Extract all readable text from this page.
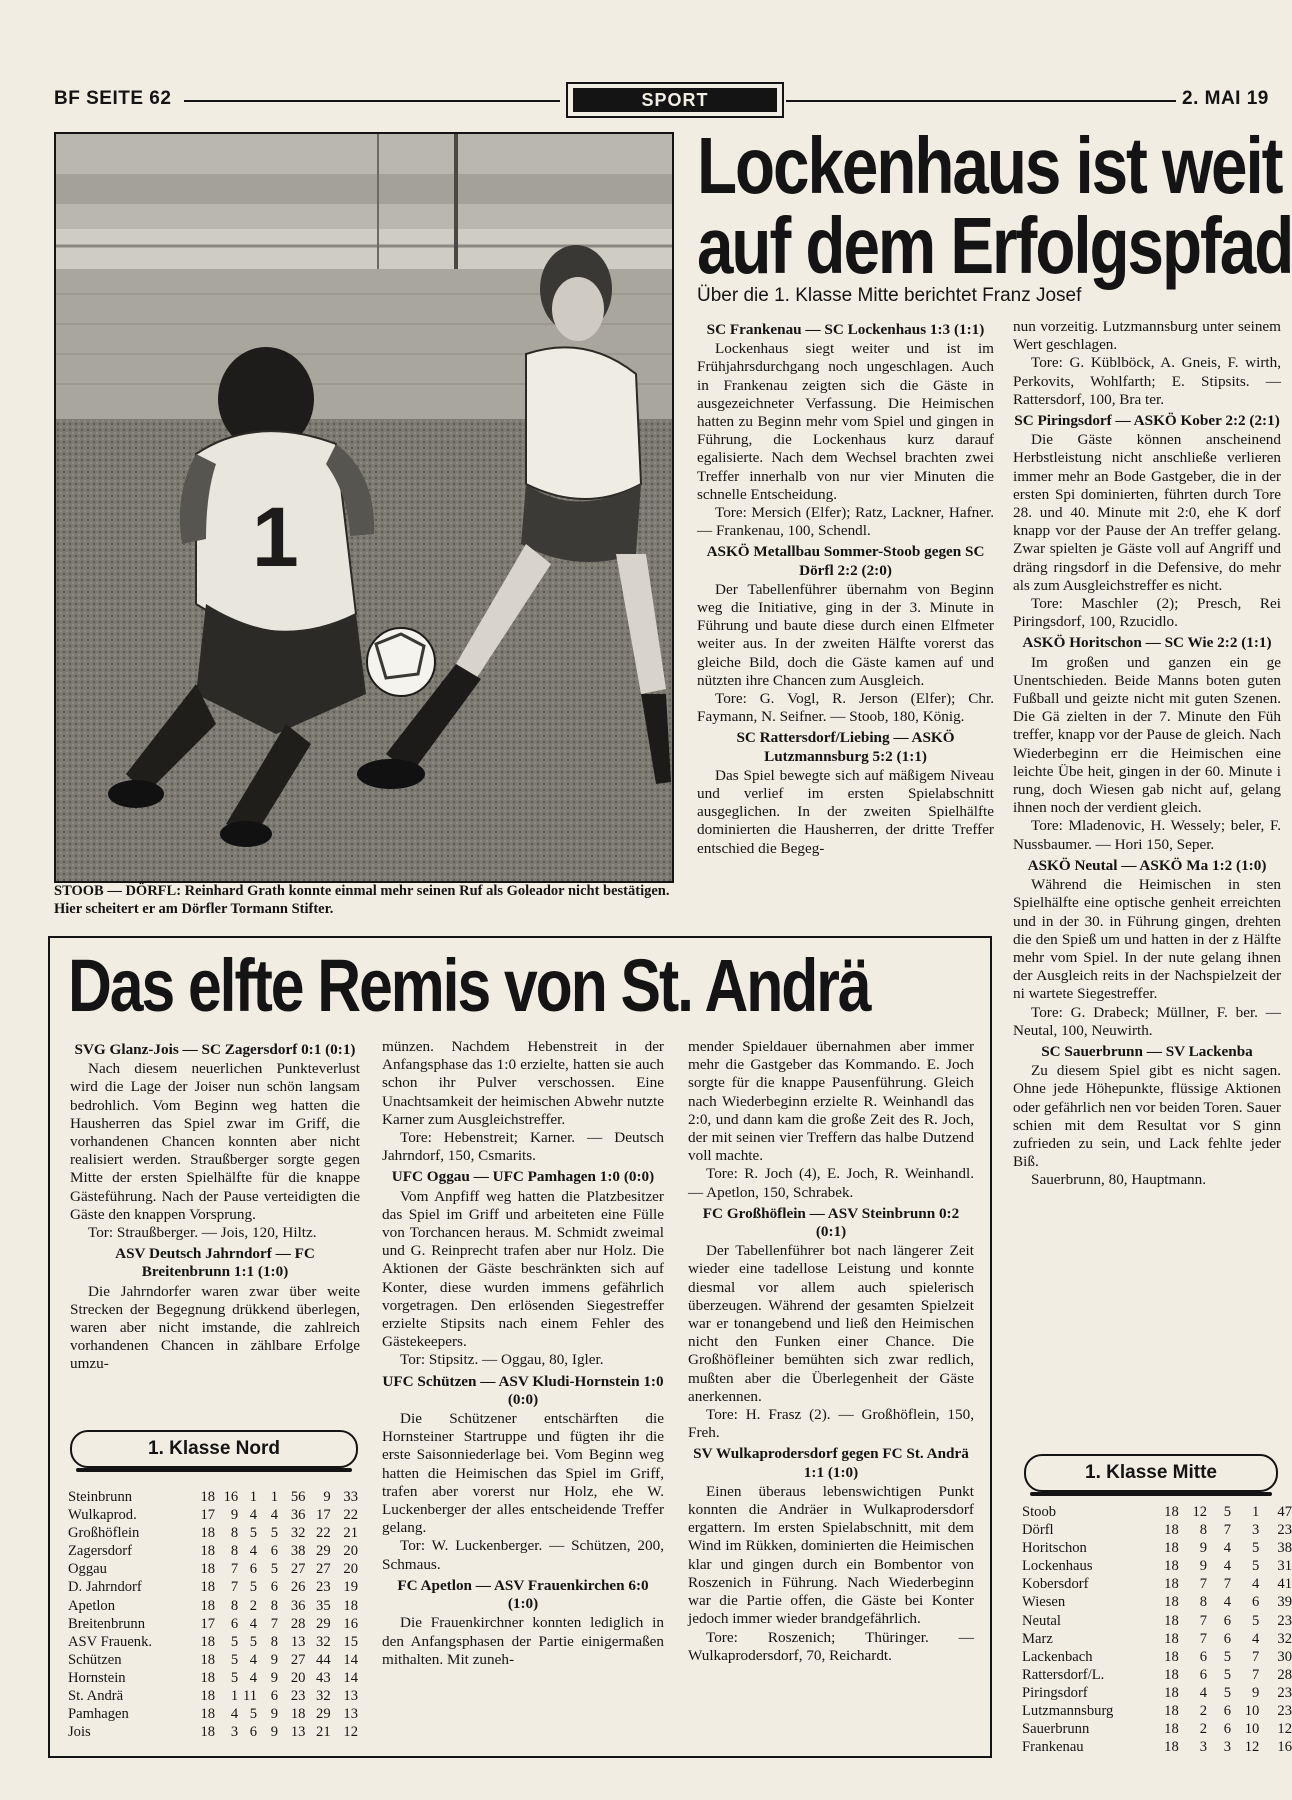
BF SEITE 62	SPORT	2. MAI 19
1
STOOB — DÖRFL: Reinhard Grath konnte einmal mehr seinen Ruf als Goleador nicht bestätigen. Hier scheitert er am Dörfler Tormann Stifter.
Lockenhaus ist weit
auf dem Erfolgspfad
Über die 1. Klasse Mitte berichtet Franz Josef

SC Frankenau — SC Lockenhaus 1:3 (1:1)

Lockenhaus siegt weiter und ist im Frühjahrsdurchgang noch ungeschlagen. Auch in Frankenau zeigten sich die Gäste in ausgezeichneter Verfassung. Die Heimischen hatten zu Beginn mehr vom Spiel und gingen in Führung, die Lockenhaus kurz darauf egalisierte. Nach dem Wechsel brachten zwei Treffer innerhalb von nur vier Minuten die schnelle Entscheidung.

Tore: Mersich (Elfer); Ratz, Lackner, Hafner. — Frankenau, 100, Schendl.

ASKÖ Metallbau Sommer-Stoob gegen SC Dörfl 2:2 (2:0)

Der Tabellenführer übernahm von Beginn weg die Initiative, ging in der 3. Minute in Führung und baute diese durch einen Elfmeter weiter aus. In der zweiten Hälfte vorerst das gleiche Bild, doch die Gäste kamen auf und nützten ihre Chancen zum Ausgleich.

Tore: G. Vogl, R. Jerson (Elfer); Chr. Faymann, N. Seifner. — Stoob, 180, König.

SC Rattersdorf/Liebing — ASKÖ Lutzmannsburg 5:2 (1:1)

Das Spiel bewegte sich auf mäßigem Niveau und verlief im ersten Spielabschnitt ausgeglichen. In der zweiten Spielhälfte dominierten die Hausherren, der dritte Treffer entschied die Begeg-

nun vorzeitig. Lutzmannsburg unter seinem Wert geschlagen.

Tore: G. Küblböck, A. Gneis, F. wirth, Perkovits, Wohlfarth; E. Stipsits. — Rattersdorf, 100, Bra ter.

SC Piringsdorf — ASKÖ Kober 2:2 (2:1)

Die Gäste können anscheinend Herbstleistung nicht anschließe verlieren immer mehr an Bode Gastgeber, die in der ersten Spi dominierten, führten durch Tore 28. und 40. Minute mit 2:0, ehe K dorf knapp vor der Pause der An treffer gelang. Zwar spielten je Gäste voll auf Angriff und dräng ringsdorf in die Defensive, do mehr als zum Ausgleichstreffer es nicht.

Tore: Maschler (2); Presch, Rei Piringsdorf, 100, Rzucidlo.

ASKÖ Horitschon — SC Wie 2:2 (1:1)

Im großen und ganzen ein ge Unentschieden. Beide Manns boten guten Fußball und geizte nicht mit guten Szenen. Die Gä zielten in der 7. Minute den Füh treffer, knapp vor der Pause de gleich. Nach Wiederbeginn err die Heimischen eine leichte Übe heit, gingen in der 60. Minute i rung, doch Wiesen gab nicht auf, gelang ihnen noch der verdient gleich.

Tore: Mladenovic, H. Wessely; beler, F. Nussbaumer. — Hori 150, Seper.

ASKÖ Neutal — ASKÖ Ma 1:2 (1:0)

Während die Heimischen in sten Spielhälfte eine optische genheit erreichten und in der 30. in Führung gingen, drehten die den Spieß um und hatten in der z Hälfte mehr vom Spiel. In der nute gelang ihnen der Ausgleich reits in der Nachspielzeit der ni wartete Siegestreffer.

Tore: G. Drabeck; Müllner, F. ber. — Neutal, 100, Neuwirth.

SC Sauerbrunn — SV Lackenba

Zu diesem Spiel gibt es nicht sagen. Ohne jede Höhepunkte, flüssige Aktionen oder gefährlich nen vor beiden Toren. Sauer schien mit dem Resultat vor S ginn zufrieden zu sein, und Lack fehlte jeder Biß.

Sauerbrunn, 80, Hauptmann.

Das elfte Remis von St. Andrä

SVG Glanz-Jois — SC Zagersdorf 0:1 (0:1)

Nach diesem neuerlichen Punkteverlust wird die Lage der Joiser nun schön langsam bedrohlich. Vom Beginn weg hatten die Hausherren das Spiel zwar im Griff, die vorhandenen Chancen konnten aber nicht realisiert werden. Straußberger sorgte gegen Mitte der ersten Spielhälfte für die knappe Gästeführung. Nach der Pause verteidigten die Gäste den knappen Vorsprung.

Tor: Straußberger. — Jois, 120, Hiltz.

ASV Deutsch Jahrndorf — FC Breitenbrunn 1:1 (1:0)

Die Jahrndorfer waren zwar über weite Strecken der Begegnung drükkend überlegen, waren aber nicht imstande, die zahlreich vorhandenen Chancen in zählbare Erfolge umzu-

münzen. Nachdem Hebenstreit in der Anfangsphase das 1:0 erzielte, hatten sie auch schon ihr Pulver verschossen. Eine Unachtsamkeit der heimischen Abwehr nutzte Karner zum Ausgleichstreffer.

Tore: Hebenstreit; Karner. — Deutsch Jahrndorf, 150, Csmarits.

UFC Oggau — UFC Pamhagen 1:0 (0:0)

Vom Anpfiff weg hatten die Platzbesitzer das Spiel im Griff und arbeiteten eine Fülle von Torchancen heraus. M. Schmidt zweimal und G. Reinprecht trafen aber nur Holz. Die Aktionen der Gäste beschränkten sich auf Konter, diese wurden immens gefährlich vorgetragen. Den erlösenden Siegestreffer erzielte Stipsits nach einem Fehler des Gästekeepers.

Tor: Stipsitz. — Oggau, 80, Igler.

UFC Schützen — ASV Kludi-Hornstein 1:0 (0:0)

Die Schützener entschärften die Hornsteiner Startruppe und fügten ihr die erste Saisonniederlage bei. Vom Beginn weg hatten die Heimischen das Spiel im Griff, trafen aber vorerst nur Holz, ehe W. Luckenberger der alles entscheidende Treffer gelang.

Tor: W. Luckenberger. — Schützen, 200, Schmaus.

FC Apetlon — ASV Frauenkirchen 6:0 (1:0)

Die Frauenkirchner konnten lediglich in den Anfangsphasen der Partie einigermaßen mithalten. Mit zuneh-

mender Spieldauer übernahmen aber immer mehr die Gastgeber das Kommando. E. Joch sorgte für die knappe Pausenführung. Gleich nach Wiederbeginn erzielte R. Weinhandl das 2:0, und dann kam die große Zeit des R. Joch, der mit seinen vier Treffern das halbe Dutzend voll machte.

Tore: R. Joch (4), E. Joch, R. Weinhandl. — Apetlon, 150, Schrabek.

FC Großhöflein — ASV Steinbrunn 0:2 (0:1)

Der Tabellenführer bot nach längerer Zeit wieder eine tadellose Leistung und konnte diesmal vor allem auch spielerisch überzeugen. Während der gesamten Spielzeit war er tonangebend und ließ den Heimischen nicht den Funken einer Chance. Die Großhöfleiner bemühten sich zwar redlich, mußten aber die Überlegenheit der Gäste anerkennen.

Tore: H. Frasz (2). — Großhöflein, 150, Freh.

SV Wulkaprodersdorf gegen FC St. Andrä 1:1 (1:0)

Einen überaus lebenswichtigen Punkt konnten die Andräer in Wulkaprodersdorf ergattern. Im ersten Spielabschnitt, mit dem Wind im Rükken, dominierten die Heimischen klar und gingen durch ein Bombentor von Roszenich in Führung. Nach Wiederbeginn war die Partie offen, die Gäste bei Konter jedoch immer wieder brandgefährlich.

Tore: Roszenich; Thüringer. — Wulkaprodersdorf, 70, Reichardt.

1. Klasse Nord
Steinbrunn	18	16	1	1	56	9	33
Wulkaprod.	17	9	4	4	36	17	22
Großhöflein	18	8	5	5	32	22	21
Zagersdorf	18	8	4	6	38	29	20
Oggau	18	7	6	5	27	27	20
D. Jahrndorf	18	7	5	6	26	23	19
Apetlon	18	8	2	8	36	35	18
Breitenbrunn	17	6	4	7	28	29	16
ASV Frauenk.	18	5	5	8	13	32	15
Schützen	18	5	4	9	27	44	14
Hornstein	18	5	4	9	20	43	14
St. Andrä	18	1	11	6	23	32	13
Pamhagen	18	4	5	9	18	29	13
Jois	18	3	6	9	13	21	12
1. Klasse Mitte
Stoob	18	12	5	1	47
Dörfl	18	8	7	3	23
Horitschon	18	9	4	5	38
Lockenhaus	18	9	4	5	31
Kobersdorf	18	7	7	4	41
Wiesen	18	8	4	6	39
Neutal	18	7	6	5	23
Marz	18	7	6	4	32
Lackenbach	18	6	5	7	30
Rattersdorf/L.	18	6	5	7	28
Piringsdorf	18	4	5	9	23
Lutzmannsburg	18	2	6	10	23
Sauerbrunn	18	2	6	10	12
Frankenau	18	3	3	12	16
